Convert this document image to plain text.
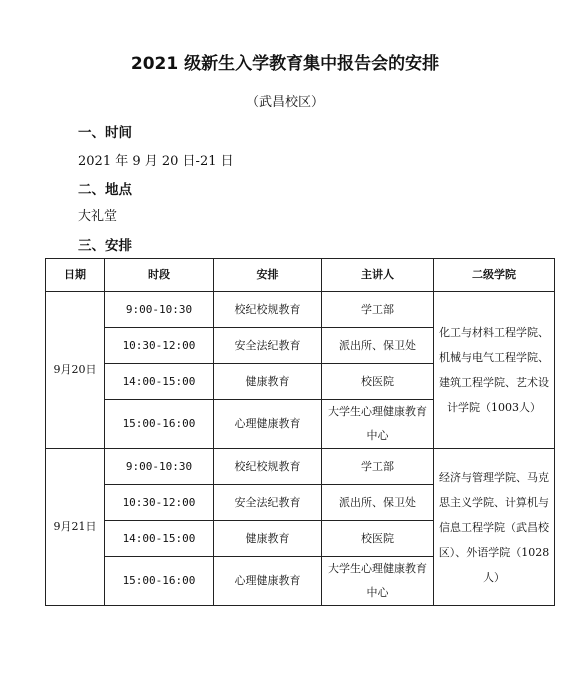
2021 级新生入学教育集中报告会的安排
（武昌校区）
一、时间
2021 年 9 月 20 日-21 日
二、地点
大礼堂
三、安排
日期	时段	安排	主讲人	二级学院
9月20日	9:00-10:30	校纪校规教育	学工部	化工与材料工程学院、机械与电气工程学院、建筑工程学院、艺术设计学院（1003人）
	10:30-12:00	安全法纪教育	派出所、保卫处	
	14:00-15:00	健康教育	校医院	
	15:00-16:00	心理健康教育	大学生心理健康教育中心	
9月21日	9:00-10:30	校纪校规教育	学工部	经济与管理学院、马克思主义学院、计算机与信息工程学院（武昌校区）、外语学院（1028人）
	10:30-12:00	安全法纪教育	派出所、保卫处	
	14:00-15:00	健康教育	校医院	
	15:00-16:00	心理健康教育	大学生心理健康教育中心	
